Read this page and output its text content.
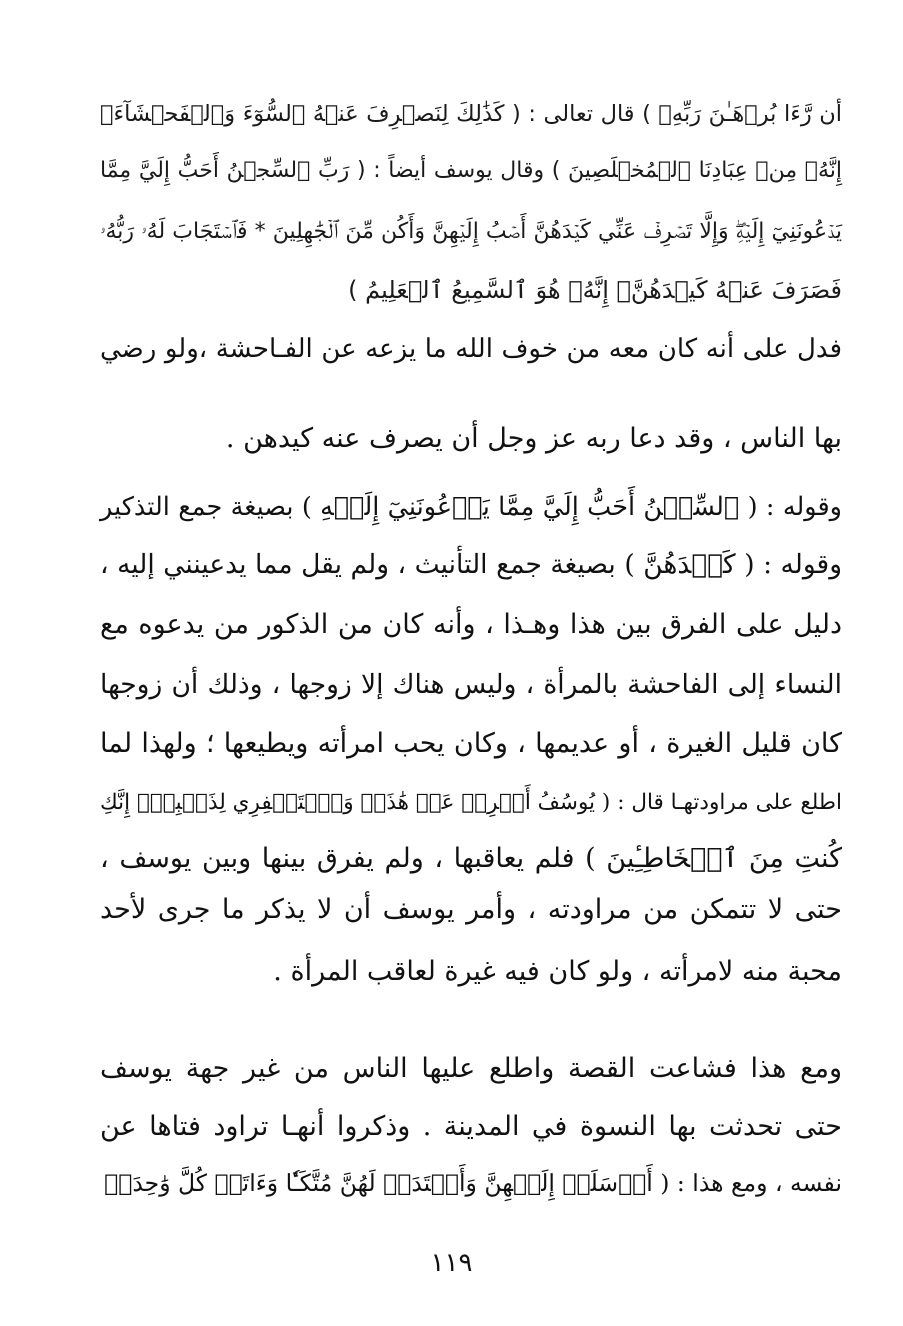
أن رَّءَا بُرۡهَـٰنَ رَبِّهِۦ ) قال تعالى : ( كَذَٰلِكَ لِنَصۡرِفَ عَنۡهُ ٱلسُّوٓءَ وَٱلۡفَحۡشَآءَۚ
إِنَّهُۥ مِنۡ عِبَادِنَا ٱلۡمُخۡلَصِينَ ) وقال يوسف أيضاً : ( رَبِّ ٱلسِّجۡنُ أَحَبُّ إِلَيَّ مِمَّا
يَدۡعُونَنِيٓ إِلَيۡهِۖ وَإِلَّا تَصۡرِفۡ عَنِّي كَيۡدَهُنَّ أَصۡبُ إِلَيۡهِنَّ وَأَكُن مِّنَ ٱلۡجَٰهِلِينَ * فَٱسۡتَجَابَ لَهُۥ رَبُّهُۥ
فَصَرَفَ عَنۡهُ كَيۡدَهُنَّۚ إِنَّهُۥ هُوَ ٱلسَّمِيعُ ٱلۡعَلِيمُ )
فدل على أنه كان معه من خوف الله ما يزعه عن الفـاحشة ،ولو رضي
بها الناس ، وقد دعا ربه عز وجل أن يصرف عنه كيدهن .
وقوله : ( ٱلسِّجۡنُ أَحَبُّ إِلَيَّ مِمَّا يَدۡعُونَنِيٓ إِلَيۡهِ ) بصيغة جمع التذكير
وقوله : ( كَيۡدَهُنَّ ) بصيغة جمع التأنيث ، ولم يقل مما يدعينني إليه ،
دليل على الفرق بين هذا وهـذا ، وأنه كان من الذكور من يدعوه مع
النساء إلى الفاحشة بالمرأة ، وليس هناك إلا زوجها ، وذلك أن زوجها
كان قليل الغيرة ، أو عديمها ، وكان يحب امرأته ويطيعها ؛ ولهذا لما
اطلع على مراودتهـا قال : ( يُوسُفُ أَعۡرِضۡ عَنۡ هَٰذَاۚ وَٱسۡتَغۡفِرِي لِذَنۢبِكِۖ إِنَّكِ
كُنتِ مِنَ ٱلۡخَاطِـِٔينَ ) فلم يعاقبها ، ولم يفرق بينها وبين يوسف ،
حتى لا تتمكن من مراودته ، وأمر يوسف أن لا يذكر ما جرى لأحد
محبة منه لامرأته ، ولو كان فيه غيرة لعاقب المرأة .
ومع هذا فشاعت القصة واطلع عليها الناس من غير جهة يوسف
حتى تحدثت بها النسوة في المدينة . وذكروا أنهـا تراود فتاها عن
نفسه ، ومع هذا : ( أَرۡسَلَتۡ إِلَيۡهِنَّ وَأَعۡتَدَتۡ لَهُنَّ مُتَّكَـٔٗا وَءَاتَتۡ كُلَّ وَٰحِدَةٖ
١١٩
